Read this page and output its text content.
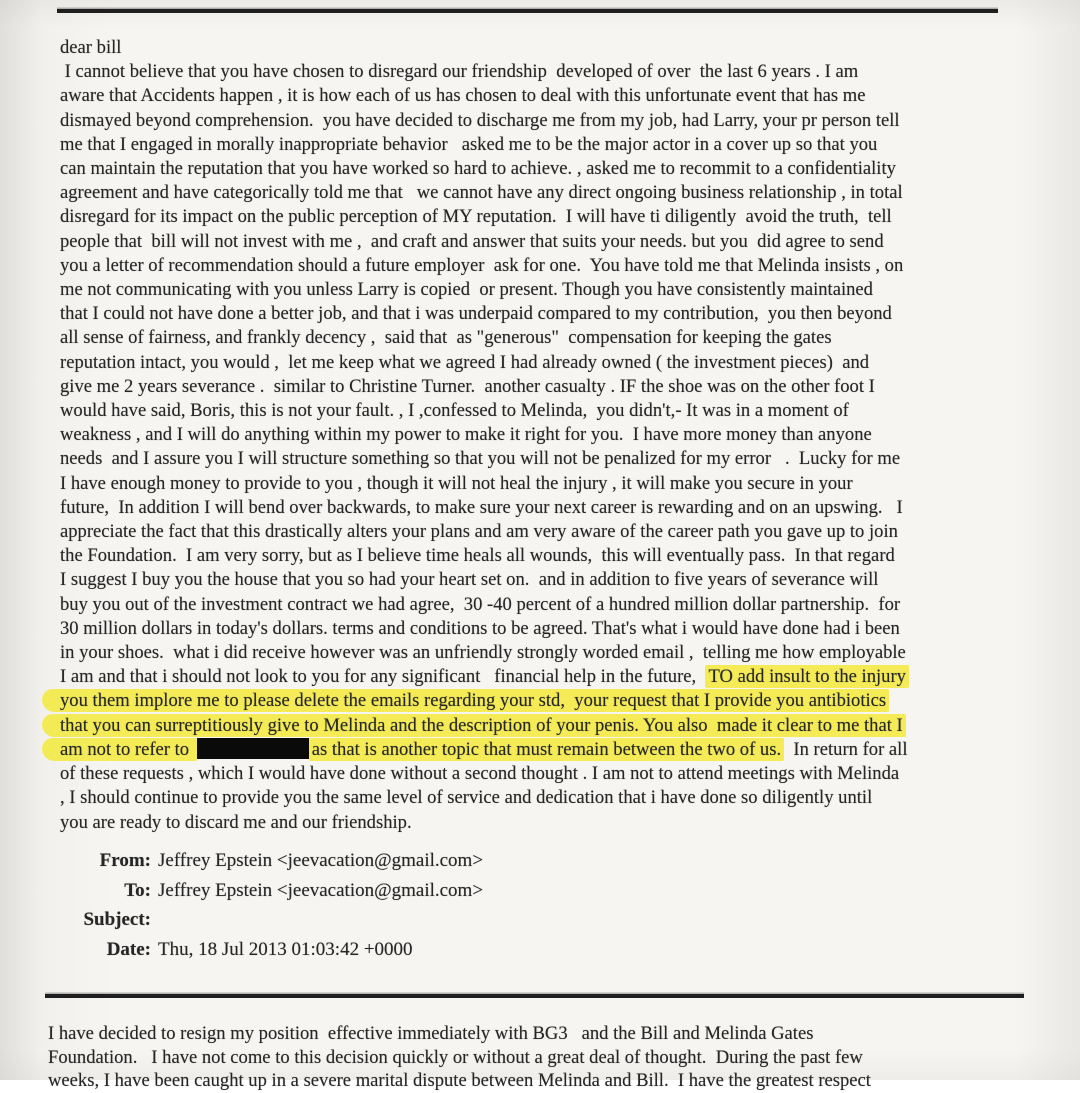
dear bill
I cannot believe that you have chosen to disregard our friendship  developed of over  the last 6 years . I am
aware that Accidents happen , it is how each of us has chosen to deal with this unfortunate event that has me
dismayed beyond comprehension.  you have decided to discharge me from my job, had Larry, your pr person tell
me that I engaged in morally inappropriate behavior   asked me to be the major actor in a cover up so that you
can maintain the reputation that you have worked so hard to achieve. , asked me to recommit to a confidentiality
agreement and have categorically told me that   we cannot have any direct ongoing business relationship , in total
disregard for its impact on the public perception of MY reputation.  I will have ti diligently  avoid the truth,  tell
people that  bill will not invest with me ,  and craft and answer that suits your needs. but you  did agree to send
you a letter of recommendation should a future employer  ask for one.  You have told me that Melinda insists , on
me not communicating with you unless Larry is copied  or present. Though you have consistently maintained
that I could not have done a better job, and that i was underpaid compared to my contribution,  you then beyond
all sense of fairness, and frankly decency ,  said that  as "generous"  compensation for keeping the gates
reputation intact, you would ,  let me keep what we agreed I had already owned ( the investment pieces)  and
give me 2 years severance .  similar to Christine Turner.  another casualty . IF the shoe was on the other foot I
would have said, Boris, this is not your fault. , I ,confessed to Melinda,  you didn't,- It was in a moment of
weakness , and I will do anything within my power to make it right for you.  I have more money than anyone
needs  and I assure you I will structure something so that you will not be penalized for my error   .  Lucky for me
I have enough money to provide to you , though it will not heal the injury , it will make you secure in your
future,  In addition I will bend over backwards, to make sure your next career is rewarding and on an upswing.   I
appreciate the fact that this drastically alters your plans and am very aware of the career path you gave up to join
the Foundation.  I am very sorry, but as I believe time heals all wounds,  this will eventually pass.  In that regard
I suggest I buy you the house that you so had your heart set on.  and in addition to five years of severance will
buy you out of the investment contract we had agree,  30 -40 percent of a hundred million dollar partnership.  for
30 million dollars in today's dollars. terms and conditions to be agreed. That's what i would have done had i been
in your shoes.  what i did receive however was an unfriendly strongly worded email ,  telling me how employable
I am and that i should not look to you for any significant   financial help in the future,  TO add insult to the injury
you them implore me to please delete the emails regarding your std,  your request that I provide you antibiotics
that you can surreptitiously give to Melinda and the description of your penis. You also  made it clear to me that I
am not to refer to	as that is another topic that must remain between the two of us.  In return for all
of these requests , which I would have done without a second thought . I am not to attend meetings with Melinda
, I should continue to provide you the same level of service and dedication that i have done so diligently until
you are ready to discard me and our friendship.
From: Jeffrey Epstein <jeevacation@gmail.com>
To: Jeffrey Epstein <jeevacation@gmail.com>
Subject:
Date: Thu, 18 Jul 2013 01:03:42 +0000
I have decided to resign my position  effective immediately with BG3   and the Bill and Melinda Gates
Foundation.   I have not come to this decision quickly or without a great deal of thought.  During the past few
weeks, I have been caught up in a severe marital dispute between Melinda and Bill.  I have the greatest respect
